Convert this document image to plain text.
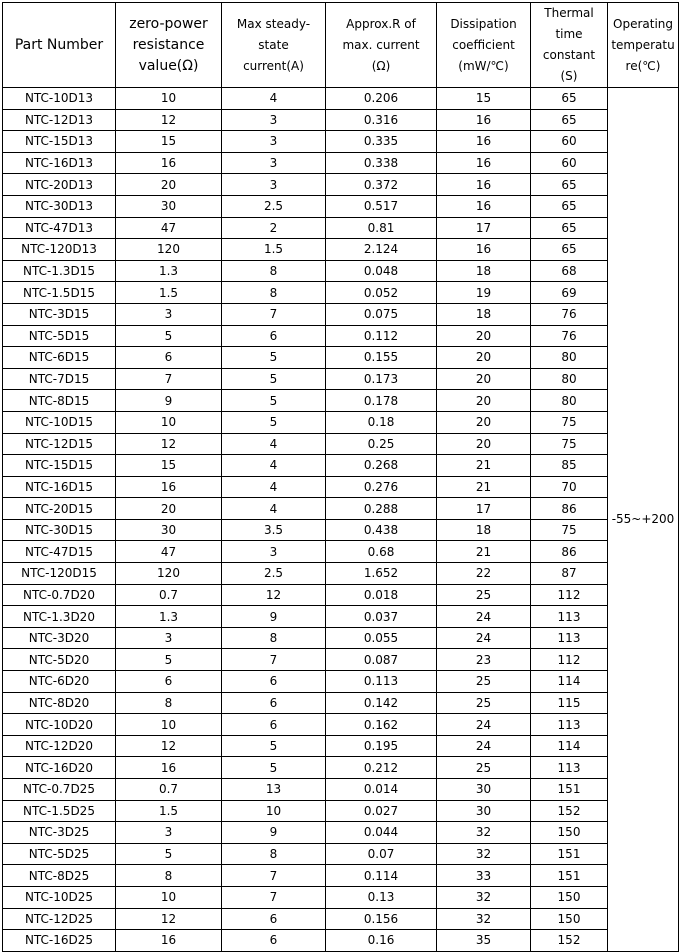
Part Number	zero-power resistance value(Ω)	Max steady-state current(A)	Approx.R of max. current (Ω)	Dissipation coefficient (mW/℃)	Thermal time constant (S)	Operating temperature(℃)
NTC-10D13	10	4	0.206	15	65	-55~+200
NTC-12D13	12	3	0.316	16	65	
NTC-15D13	15	3	0.335	16	60	
NTC-16D13	16	3	0.338	16	60	
NTC-20D13	20	3	0.372	16	65	
NTC-30D13	30	2.5	0.517	16	65	
NTC-47D13	47	2	0.81	17	65	
NTC-120D13	120	1.5	2.124	16	65	
NTC-1.3D15	1.3	8	0.048	18	68	
NTC-1.5D15	1.5	8	0.052	19	69	
NTC-3D15	3	7	0.075	18	76	
NTC-5D15	5	6	0.112	20	76	
NTC-6D15	6	5	0.155	20	80	
NTC-7D15	7	5	0.173	20	80	
NTC-8D15	9	5	0.178	20	80	
NTC-10D15	10	5	0.18	20	75	
NTC-12D15	12	4	0.25	20	75	
NTC-15D15	15	4	0.268	21	85	
NTC-16D15	16	4	0.276	21	70	
NTC-20D15	20	4	0.288	17	86	
NTC-30D15	30	3.5	0.438	18	75	
NTC-47D15	47	3	0.68	21	86	
NTC-120D15	120	2.5	1.652	22	87	
NTC-0.7D20	0.7	12	0.018	25	112	
NTC-1.3D20	1.3	9	0.037	24	113	
NTC-3D20	3	8	0.055	24	113	
NTC-5D20	5	7	0.087	23	112	
NTC-6D20	6	6	0.113	25	114	
NTC-8D20	8	6	0.142	25	115	
NTC-10D20	10	6	0.162	24	113	
NTC-12D20	12	5	0.195	24	114	
NTC-16D20	16	5	0.212	25	113	
NTC-0.7D25	0.7	13	0.014	30	151	
NTC-1.5D25	1.5	10	0.027	30	152	
NTC-3D25	3	9	0.044	32	150	
NTC-5D25	5	8	0.07	32	151	
NTC-8D25	8	7	0.114	33	151	
NTC-10D25	10	7	0.13	32	150	
NTC-12D25	12	6	0.156	32	150	
NTC-16D25	16	6	0.16	35	152	
